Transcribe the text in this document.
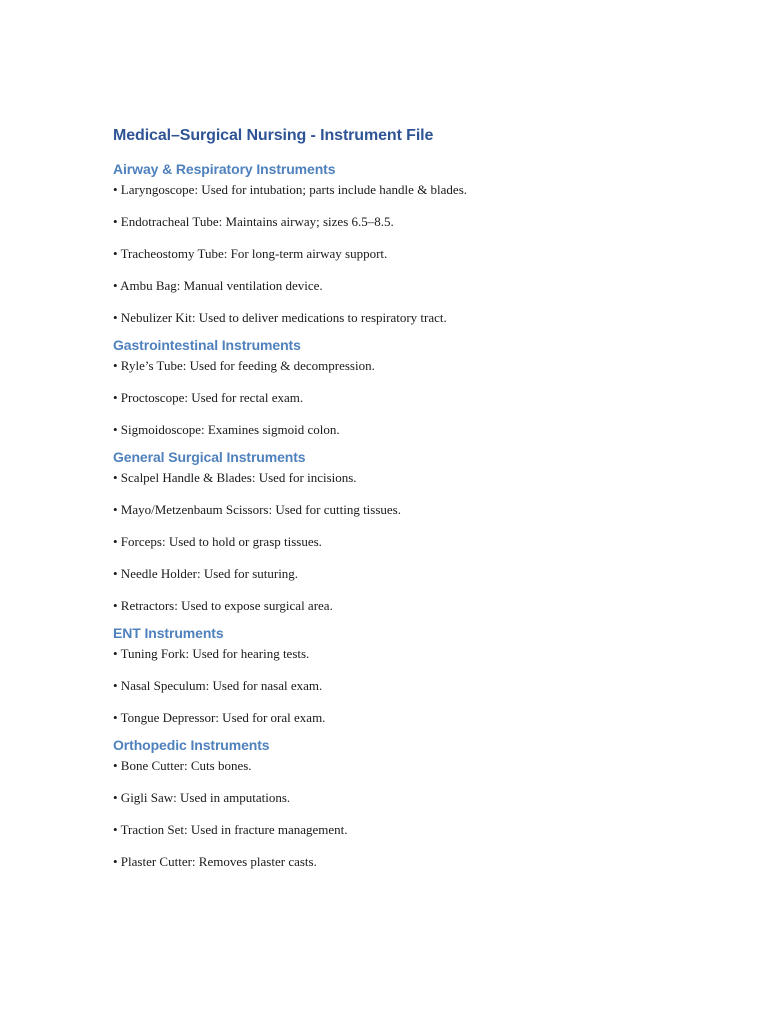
Medical–Surgical Nursing - Instrument File
Airway & Respiratory Instruments

• Laryngoscope: Used for intubation; parts include handle & blades.

• Endotracheal Tube: Maintains airway; sizes 6.5–8.5.

• Tracheostomy Tube: For long-term airway support.

• Ambu Bag: Manual ventilation device.

• Nebulizer Kit: Used to deliver medications to respiratory tract.

Gastrointestinal Instruments

• Ryle’s Tube: Used for feeding & decompression.

• Proctoscope: Used for rectal exam.

• Sigmoidoscope: Examines sigmoid colon.

General Surgical Instruments

• Scalpel Handle & Blades: Used for incisions.

• Mayo/Metzenbaum Scissors: Used for cutting tissues.

• Forceps: Used to hold or grasp tissues.

• Needle Holder: Used for suturing.

• Retractors: Used to expose surgical area.

ENT Instruments

• Tuning Fork: Used for hearing tests.

• Nasal Speculum: Used for nasal exam.

• Tongue Depressor: Used for oral exam.

Orthopedic Instruments

• Bone Cutter: Cuts bones.

• Gigli Saw: Used in amputations.

• Traction Set: Used in fracture management.

• Plaster Cutter: Removes plaster casts.
